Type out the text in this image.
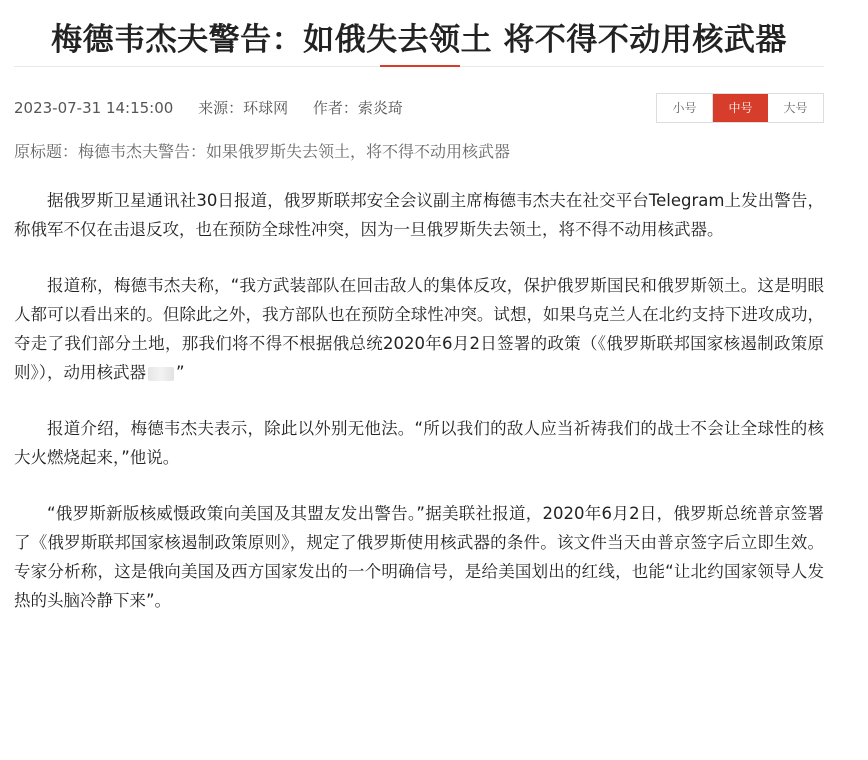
梅德韦杰夫警告：如俄失去领土 将不得不动用核武器
2023-07-31 14:15:00 来源：环球网 作者：索炎琦	小号	中号	大号
原标题：梅德韦杰夫警告：如果俄罗斯失去领土，将不得不动用核武器

据俄罗斯卫星通讯社30日报道，俄罗斯联邦安全会议副主席梅德韦杰夫在社交平台Telegram上发出警告，称俄军不仅在击退反攻，也在预防全球性冲突，因为一旦俄罗斯失去领土，将不得不动用核武器。

报道称，梅德韦杰夫称，“我方武装部队在回击敌人的集体反攻，保护俄罗斯国民和俄罗斯领土。这是明眼人都可以看出来的。但除此之外，我方部队也在预防全球性冲突。试想，如果乌克兰人在北约支持下进攻成功，夺走了我们部分土地，那我们将不得不根据俄总统2020年6月2日签署的政策（《俄罗斯联邦国家核遏制政策原则》），动用核武器 ”

报道介绍，梅德韦杰夫表示，除此以外别无他法。“所以我们的敌人应当祈祷我们的战士不会让全球性的核大火燃烧起来，”他说。

“俄罗斯新版核威慑政策向美国及其盟友发出警告。”据美联社报道，2020年6月2日，俄罗斯总统普京签署了《俄罗斯联邦国家核遏制政策原则》，规定了俄罗斯使用核武器的条件。该文件当天由普京签字后立即生效。专家分析称，这是俄向美国及西方国家发出的一个明确信号，是给美国划出的红线，也能“让北约国家领导人发热的头脑冷静下来”。
